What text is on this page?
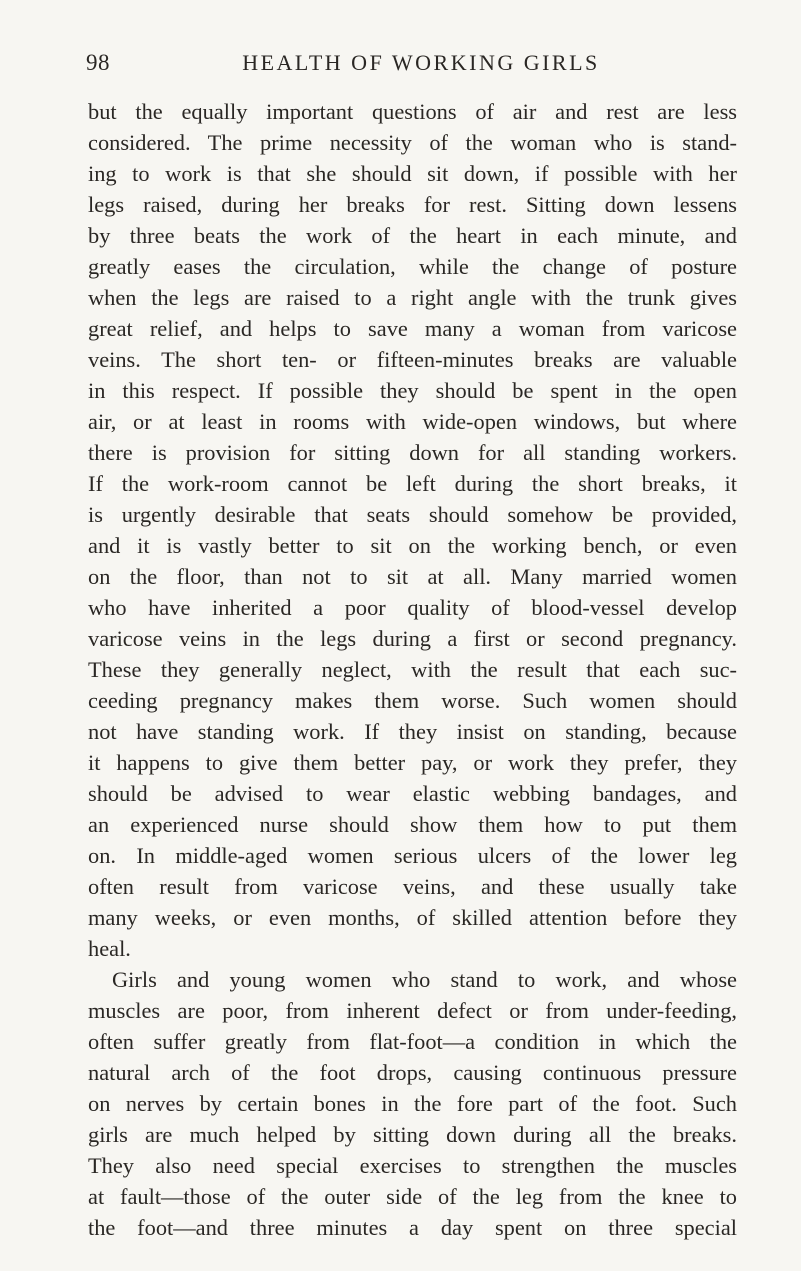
98	HEALTH OF WORKING GIRLS
but the equally important questions of air and rest are less
considered. The prime necessity of the woman who is stand-
ing to work is that she should sit down, if possible with her
legs raised, during her breaks for rest. Sitting down lessens
by three beats the work of the heart in each minute, and
greatly eases the circulation, while the change of posture
when the legs are raised to a right angle with the trunk gives
great relief, and helps to save many a woman from varicose
veins. The short ten- or fifteen-minutes breaks are valuable
in this respect. If possible they should be spent in the open
air, or at least in rooms with wide-open windows, but where
there is provision for sitting down for all standing workers.
If the work-room cannot be left during the short breaks, it
is urgently desirable that seats should somehow be provided,
and it is vastly better to sit on the working bench, or even
on the floor, than not to sit at all. Many married women
who have inherited a poor quality of blood-vessel develop
varicose veins in the legs during a first or second pregnancy.
These they generally neglect, with the result that each suc-
ceeding pregnancy makes them worse. Such women should
not have standing work. If they insist on standing, because
it happens to give them better pay, or work they prefer, they
should be advised to wear elastic webbing bandages, and
an experienced nurse should show them how to put them
on. In middle-aged women serious ulcers of the lower leg
often result from varicose veins, and these usually take
many weeks, or even months, of skilled attention before they
heal.
Girls and young women who stand to work, and whose
muscles are poor, from inherent defect or from under-feeding,
often suffer greatly from flat-foot—a condition in which the
natural arch of the foot drops, causing continuous pressure
on nerves by certain bones in the fore part of the foot. Such
girls are much helped by sitting down during all the breaks.
They also need special exercises to strengthen the muscles
at fault—those of the outer side of the leg from the knee to
the foot—and three minutes a day spent on three special
